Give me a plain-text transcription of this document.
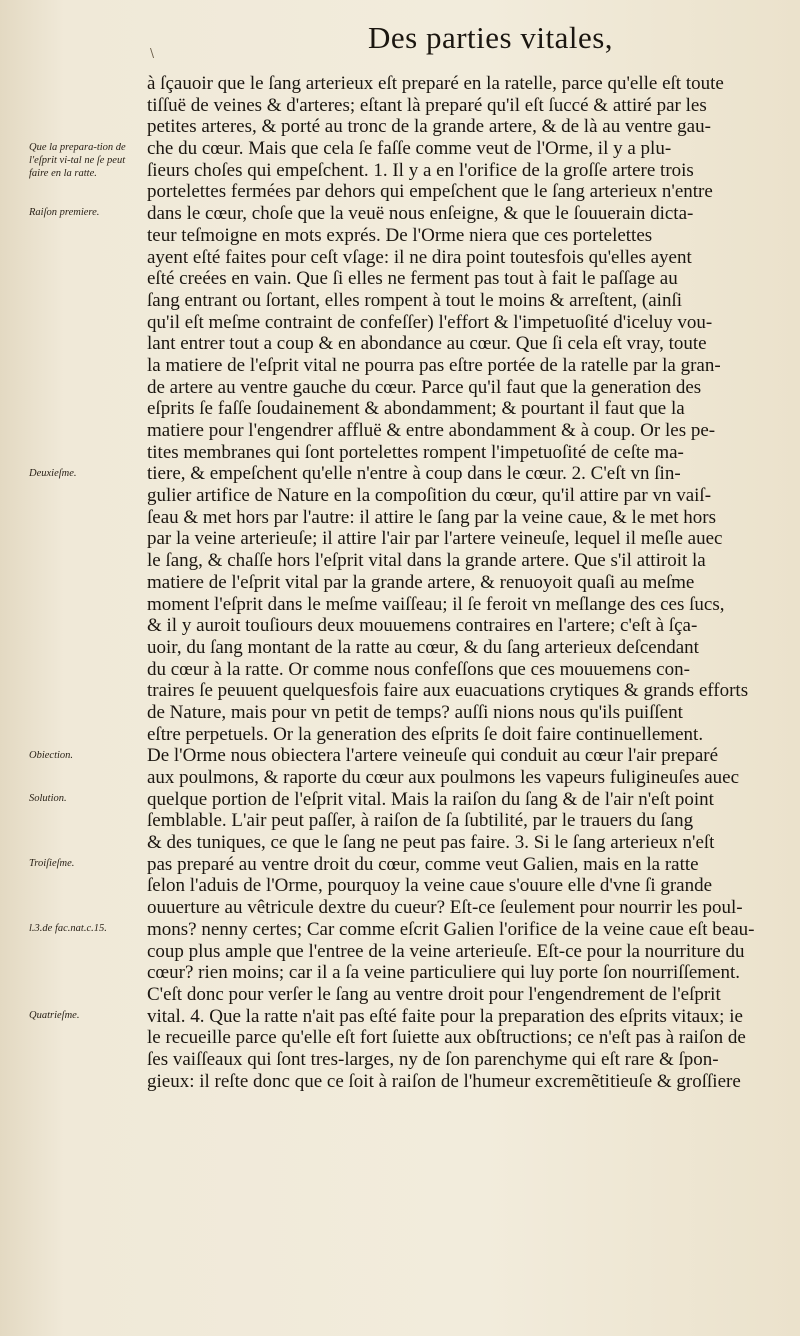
\	Des parties vitales,
à ſçauoir que le ſang arterieux eſt preparé en la ratelle, parce qu'elle eſt toute
tiſſuë de veines & d'arteres; eſtant là preparé qu'il eſt ſuccé & attiré par les
petites arteres, & porté au tronc de la grande artere, & de là au ventre gau-
che du cœur. Mais que cela ſe faſſe comme veut de l'Orme, il y a plu-
ſieurs choſes qui empeſchent. 1. Il y a en l'orifice de la groſſe artere trois
portelettes fermées par dehors qui empeſchent que le ſang arterieux n'entre
dans le cœur, choſe que la veuë nous enſeigne, & que le ſouuerain dicta-
teur teſmoigne en mots exprés. De l'Orme niera que ces portelettes
ayent eſté faites pour ceſt vſage: il ne dira point toutesfois qu'elles ayent
eſté creées en vain. Que ſi elles ne ferment pas tout à fait le paſſage au
ſang entrant ou ſortant, elles rompent à tout le moins & arreſtent, (ainſi
qu'il eſt meſme contraint de confeſſer) l'effort & l'impetuoſité d'iceluy vou-
lant entrer tout a coup & en abondance au cœur. Que ſi cela eſt vray, toute
la matiere de l'eſprit vital ne pourra pas eſtre portée de la ratelle par la gran-
de artere au ventre gauche du cœur. Parce qu'il faut que la generation des
eſprits ſe faſſe ſoudainement & abondamment; & pourtant il faut que la
matiere pour l'engendrer affluë & entre abondamment & à coup. Or les pe-
tites membranes qui ſont portelettes rompent l'impetuoſité de ceſte ma-
tiere, & empeſchent qu'elle n'entre à coup dans le cœur. 2. C'eſt vn ſin-
gulier artifice de Nature en la compoſition du cœur, qu'il attire par vn vaiſ-
ſeau & met hors par l'autre: il attire le ſang par la veine caue, & le met hors
par la veine arterieuſe; il attire l'air par l'artere veineuſe, lequel il meſle auec
le ſang, & chaſſe hors l'eſprit vital dans la grande artere. Que s'il attiroit la
matiere de l'eſprit vital par la grande artere, & renuoyoit quaſi au meſme
moment l'eſprit dans le meſme vaiſſeau; il ſe feroit vn meſlange des ces ſucs,
& il y auroit touſiours deux mouuemens contraires en l'artere; c'eſt à ſça-
uoir, du ſang montant de la ratte au cœur, & du ſang arterieux deſcendant
du cœur à la ratte. Or comme nous confeſſons que ces mouuemens con-
traires ſe peuuent quelquesfois faire aux euacuations crytiques & grands efforts
de Nature, mais pour vn petit de temps? auſſi nions nous qu'ils puiſſent
eſtre perpetuels. Or la generation des eſprits ſe doit faire continuellement.
De l'Orme nous obiectera l'artere veineuſe qui conduit au cœur l'air preparé
aux poulmons, & raporte du cœur aux poulmons les vapeurs fuligineuſes auec
quelque portion de l'eſprit vital. Mais la raiſon du ſang & de l'air n'eſt point
ſemblable. L'air peut paſſer, à raiſon de ſa ſubtilité, par le trauers du ſang
& des tuniques, ce que le ſang ne peut pas faire. 3. Si le ſang arterieux n'eſt
pas preparé au ventre droit du cœur, comme veut Galien, mais en la ratte
ſelon l'aduis de l'Orme, pourquoy la veine caue s'ouure elle d'vne ſi grande
ouuerture au vêtricule dextre du cueur? Eſt-ce ſeulement pour nourrir les poul-
mons? nenny certes; Car comme eſcrit Galien l'orifice de la veine caue eſt beau-
coup plus ample que l'entree de la veine arterieuſe. Eſt-ce pour la nourriture du
cœur? rien moins; car il a ſa veine particuliere qui luy porte ſon nourriſſement.
C'eſt donc pour verſer le ſang au ventre droit pour l'engendrement de l'eſprit
vital. 4. Que la ratte n'ait pas eſté faite pour la preparation des eſprits vitaux; ie
le recueille parce qu'elle eſt fort ſuiette aux obſtructions; ce n'eſt pas à raiſon de
ſes vaiſſeaux qui ſont tres-larges, ny de ſon parenchyme qui eſt rare & ſpon-
gieux: il reſte donc que ce ſoit à raiſon de l'humeur excremẽtitieuſe & groſſiere
Que la prepara-tion de l'eſprit vi-tal ne ſe peut faire en la ratte.
Raiſon premiere.
Deuxieſme.
Obiection.
Solution.
Troiſieſme.
l.3.de fac.nat.c.15.
Quatrieſme.
